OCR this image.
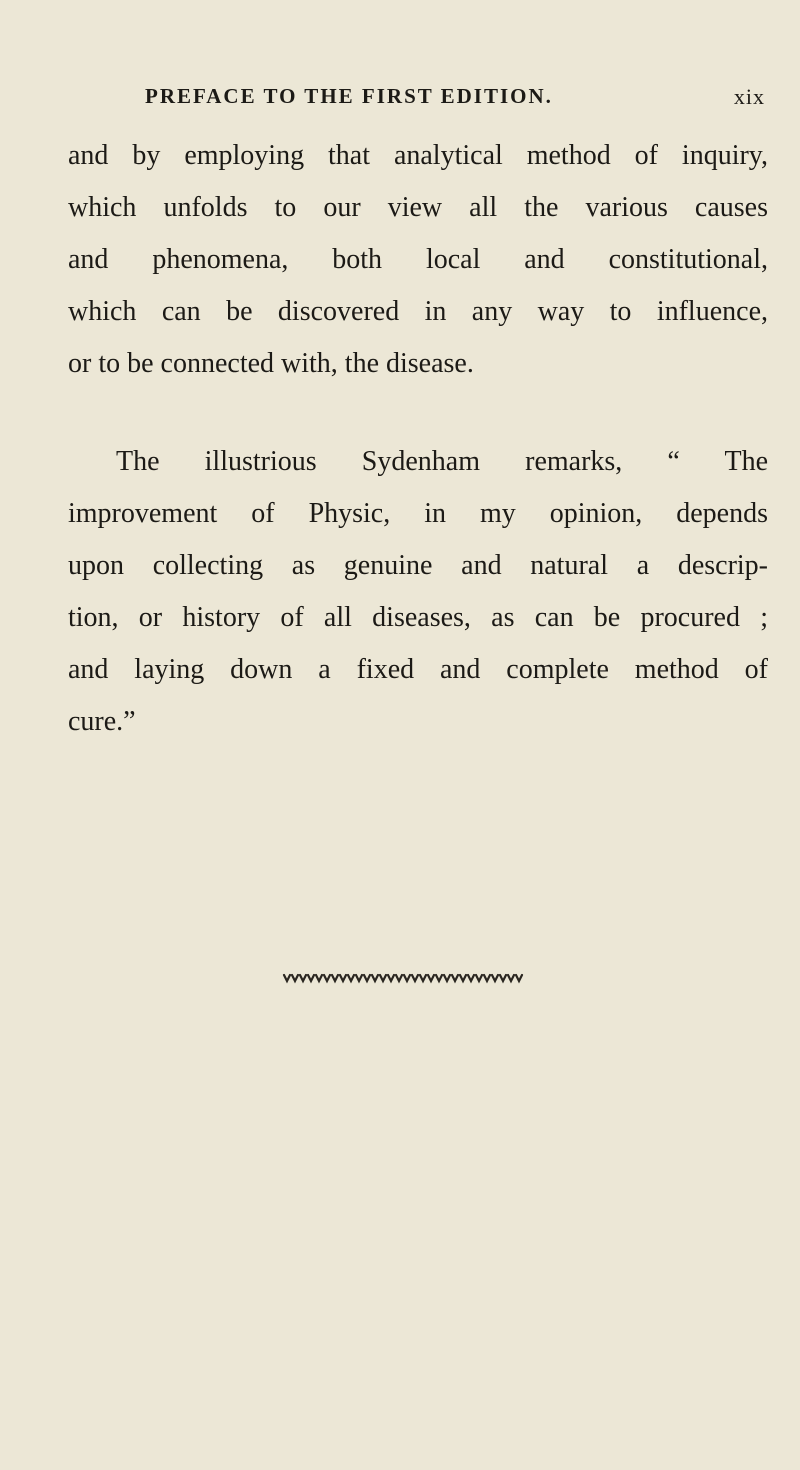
PREFACE TO THE FIRST EDITION.	xix
and by employing that analytical method of inquiry,
which unfolds to our view all the various causes
and phenomena, both local and constitutional,
which can be discovered in any way to influence,
or to be connected with, the disease.
The illustrious Sydenham remarks, “ The
improvement of Physic, in my opinion, depends
upon collecting as genuine and natural a descrip-
tion, or history of all diseases, as can be procured ;
and laying down a fixed and complete method of
cure.”
